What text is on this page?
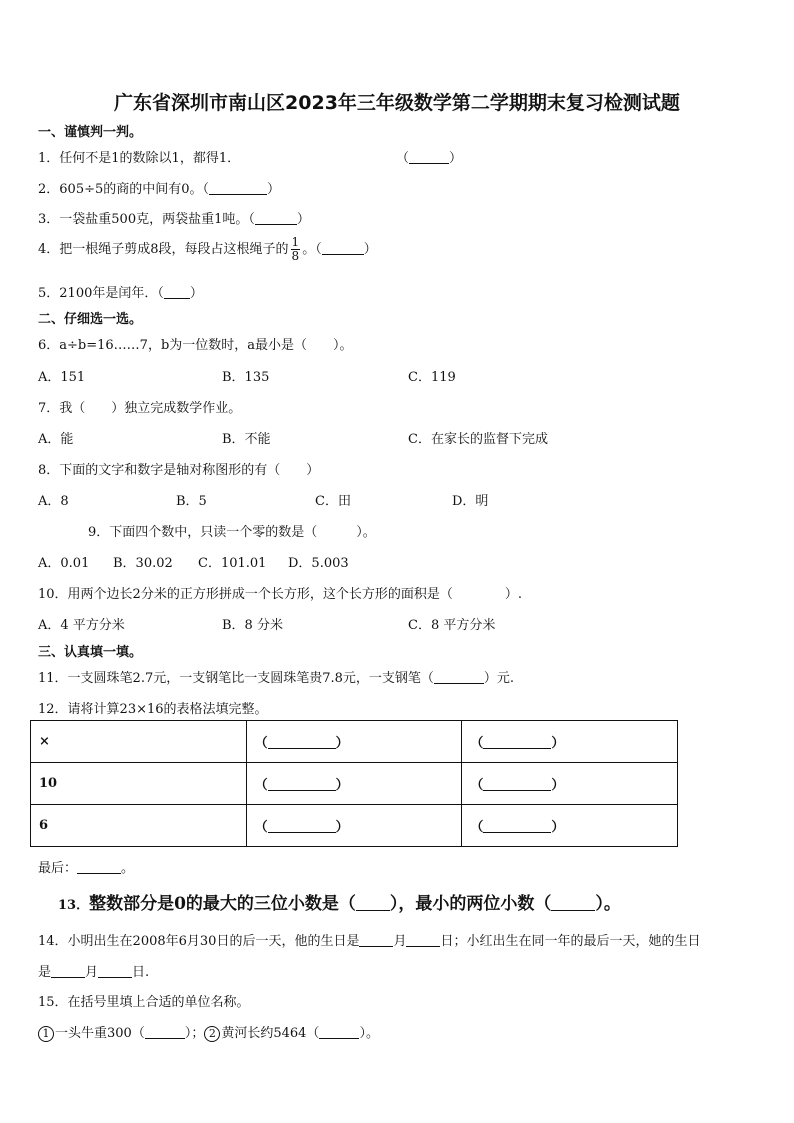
广东省深圳市南山区2023年三年级数学第二学期期末复习检测试题
一、谨慎判一判。
1．任何不是1的数除以1，都得1．	（	）
2．605÷5的商的中间有0。（	）
3．一袋盐重500克，两袋盐重1吨。（	）
4．把一根绳子剪成8段，每段占这根绳子的 $\frac{1}{8}$ 。（	）
5．2100年是闰年．（ ）
二、仔细选一选。
6．a÷b=16……7，b为一位数时，a最小是（　　）。
A．151	B．135	C．119
7．我（　　）独立完成数学作业。
A．能	B．不能	C．在家长的监督下完成
8．下面的文字和数字是轴对称图形的有（　　）
A．8	B．5	C．田	D．明
9．下面四个数中，只读一个零的数是（　　　）。
A．0.01 B．30.02 C．101.01 D．5.003
10．用两个边长2分米的正方形拼成一个长方形，这个长方形的面积是（　　　　）.
A．4 平方分米	B．8 分米	C．8 平方分米
三、认真填一填。
11．一支圆珠笔2.7元，一支钢笔比一支圆珠笔贵7.8元，一支钢笔（	）元.
12．请将计算23×16的表格法填完整。
×	（ ）	（ ）
10	（ ）	（ ）
6	（ ）	（ ）
最后：	。
13．整数部分是0的最大的三位小数是（ ），最小的两位小数（	）。
14．小明出生在2008年6月30日的后一天，他的生日是	月	日；小红出生在同一年的最后一天，她的生日
是	月	日.
15．在括号里填上合适的单位名称。
1 一头牛重300（	）； 2 黄河长约5464（	）。
